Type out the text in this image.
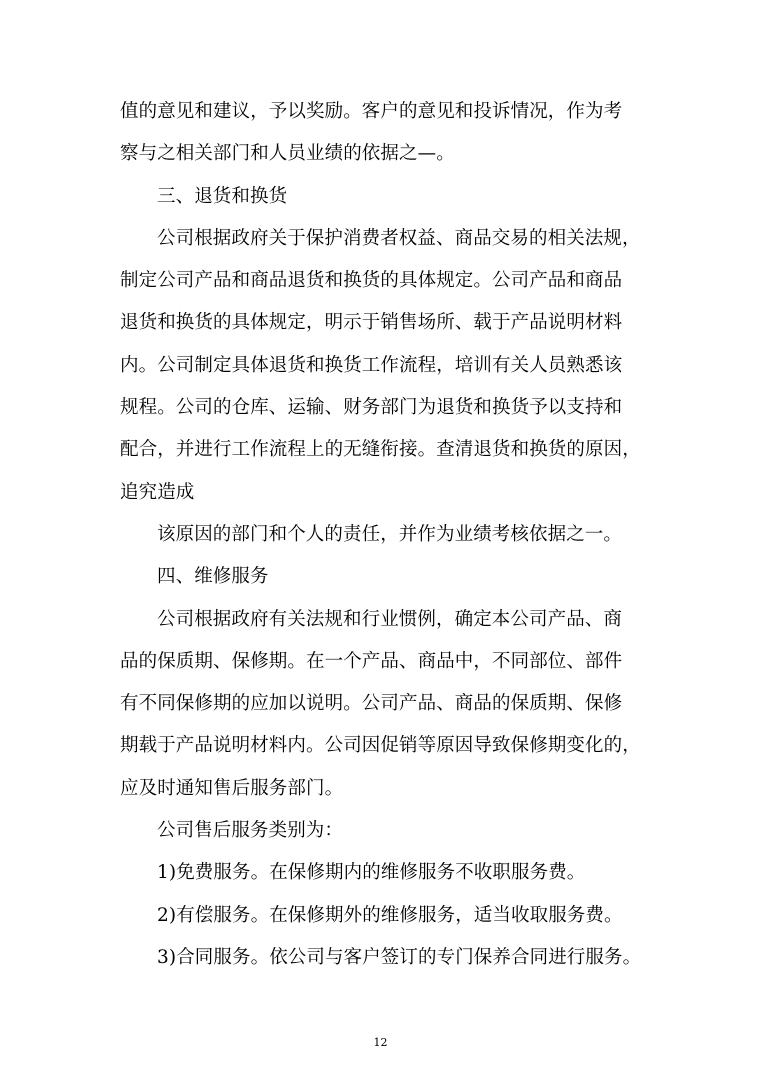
值的意见和建议，予以奖励。客户的意见和投诉情况，作为考
察与之相关部门和人员业绩的依据之—。
三、退货和换货
公司根据政府关于保护消费者权益、商品交易的相关法规，
制定公司产品和商品退货和换货的具体规定。公司产品和商品
退货和换货的具体规定，明示于销售场所、载于产品说明材料
内。公司制定具体退货和换货工作流程，培训有关人员熟悉该
规程。公司的仓库、运输、财务部门为退货和换货予以支持和
配合，并进行工作流程上的无缝衔接。查清退货和换货的原因，
追究造成
该原因的部门和个人的责任，并作为业绩考核依据之一。
四、维修服务
公司根据政府有关法规和行业惯例，确定本公司产品、商
品的保质期、保修期。在一个产品、商品中，不同部位、部件
有不同保修期的应加以说明。公司产品、商品的保质期、保修
期载于产品说明材料内。公司因促销等原因导致保修期变化的，
应及时通知售后服务部门。
公司售后服务类别为：
1)免费服务。在保修期内的维修服务不收职服务费。
2)有偿服务。在保修期外的维修服务，适当收取服务费。
3)合同服务。依公司与客户签订的专门保养合同进行服务。
12
